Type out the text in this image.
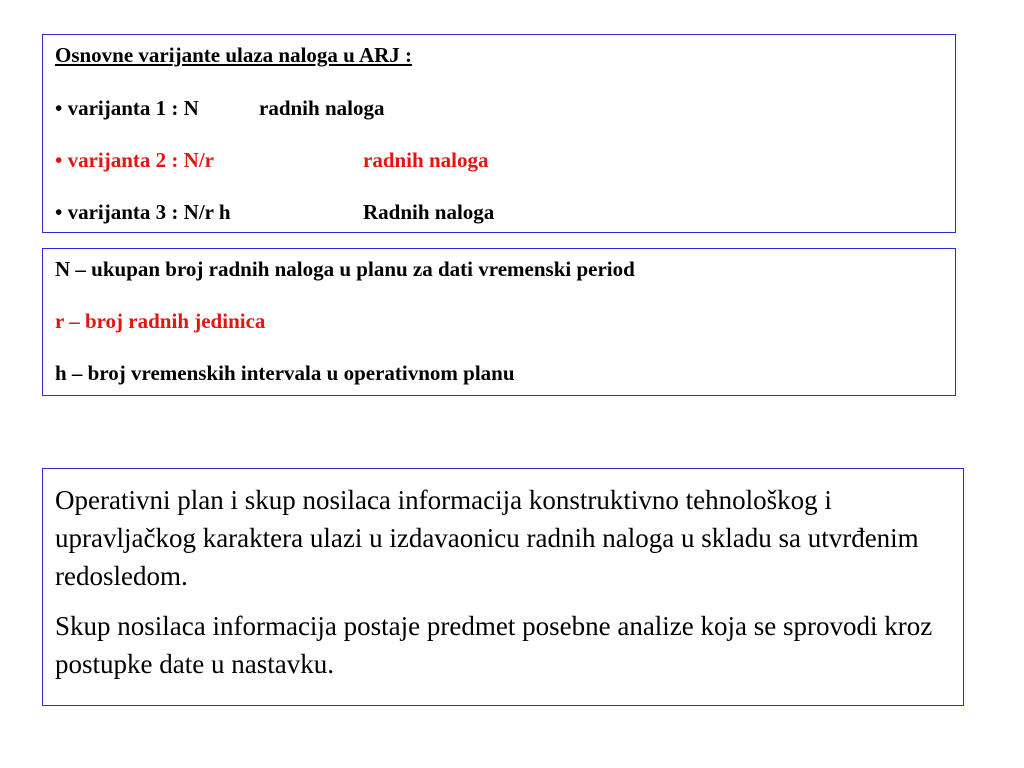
Osnovne varijante ulaza naloga u ARJ :
• varijanta 1 : N	radnih naloga
• varijanta 2 : N/r	radnih naloga
• varijanta 3 : N/r h	Radnih naloga
N – ukupan broj radnih naloga u planu za dati vremenski period
r – broj radnih jedinica
h – broj vremenskih intervala u operativnom planu

Operativni plan i skup nosilaca informacija konstruktivno tehnološkog i upravljačkog karaktera ulazi u izdavaonicu radnih naloga u skladu sa utvrđenim redosledom.

Skup nosilaca informacija postaje predmet posebne analize koja se sprovodi kroz postupke date u nastavku.
